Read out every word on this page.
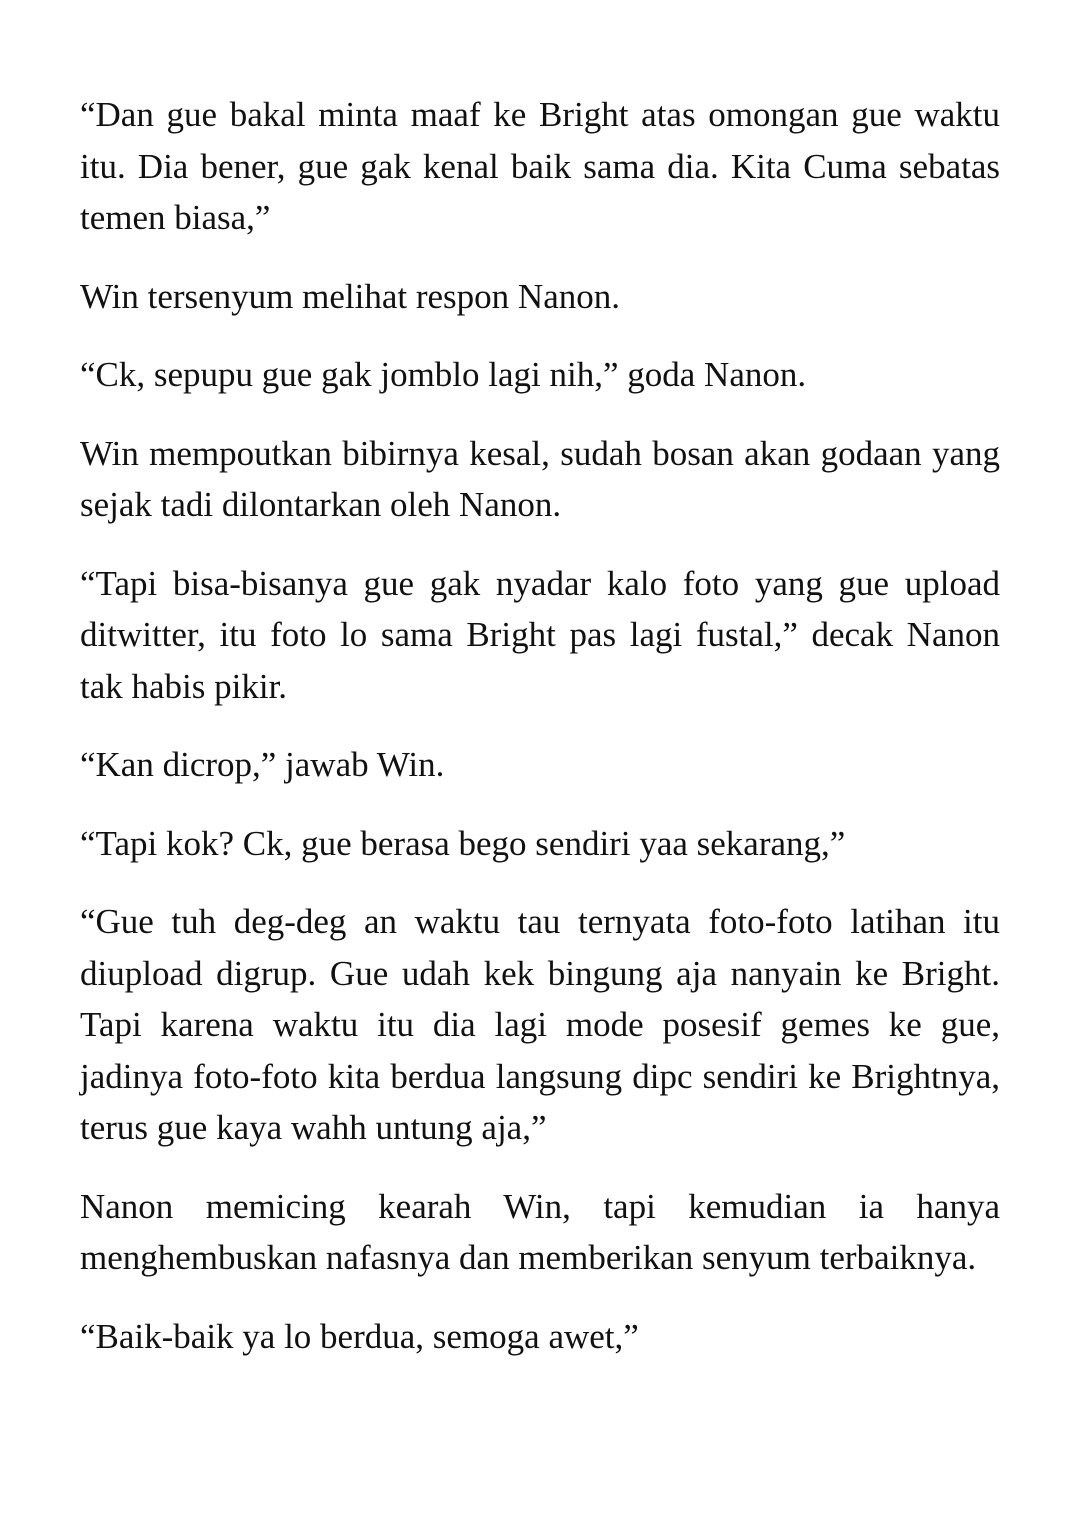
“Dan gue bakal minta maaf ke Bright atas omongan gue waktu itu. Dia bener, gue gak kenal baik sama dia. Kita Cuma sebatas temen biasa,”

Win tersenyum melihat respon Nanon.

“Ck, sepupu gue gak jomblo lagi nih,” goda Nanon.

Win mempoutkan bibirnya kesal, sudah bosan akan godaan yang sejak tadi dilontarkan oleh Nanon.

“Tapi bisa-bisanya gue gak nyadar kalo foto yang gue upload ditwitter, itu foto lo sama Bright pas lagi fustal,” decak Nanon tak habis pikir.

“Kan dicrop,” jawab Win.

“Tapi kok? Ck, gue berasa bego sendiri yaa sekarang,”

“Gue tuh deg-deg an waktu tau ternyata foto-foto latihan itu diupload digrup. Gue udah kek bingung aja nanyain ke Bright. Tapi karena waktu itu dia lagi mode posesif gemes ke gue, jadinya foto-foto kita berdua langsung dipc sendiri ke Brightnya, terus gue kaya wahh untung aja,”

Nanon memicing kearah Win, tapi kemudian ia hanya menghembuskan nafasnya dan memberikan senyum terbaiknya.

“Baik-baik ya lo berdua, semoga awet,”
